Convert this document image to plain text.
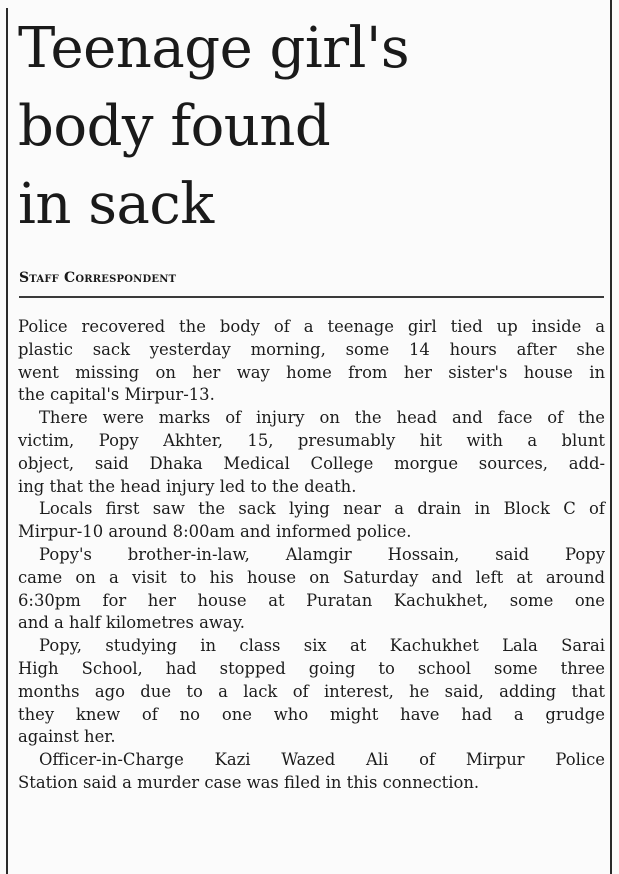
Teenage girl's
body found
in sack

Staff Correspondent

Police recovered the body of a teenage girl tied up inside a
plastic sack yesterday morning, some 14 hours after she
went missing on her way home from her sister's house in
the capital's Mirpur-13.
There were marks of injury on the head and face of the
victim, Popy Akhter, 15, presumably hit with a blunt
object, said Dhaka Medical College morgue sources, add-
ing that the head injury led to the death.
Locals first saw the sack lying near a drain in Block C of
Mirpur-10 around 8:00am and informed police.
Popy's brother-in-law, Alamgir Hossain, said Popy
came on a visit to his house on Saturday and left at around
6:30pm for her house at Puratan Kachukhet, some one
and a half kilometres away.
Popy, studying in class six at Kachukhet Lala Sarai
High School, had stopped going to school some three
months ago due to a lack of interest, he said, adding that
they knew of no one who might have had a grudge
against her.
Officer-in-Charge Kazi Wazed Ali of Mirpur Police
Station said a murder case was filed in this connection.
